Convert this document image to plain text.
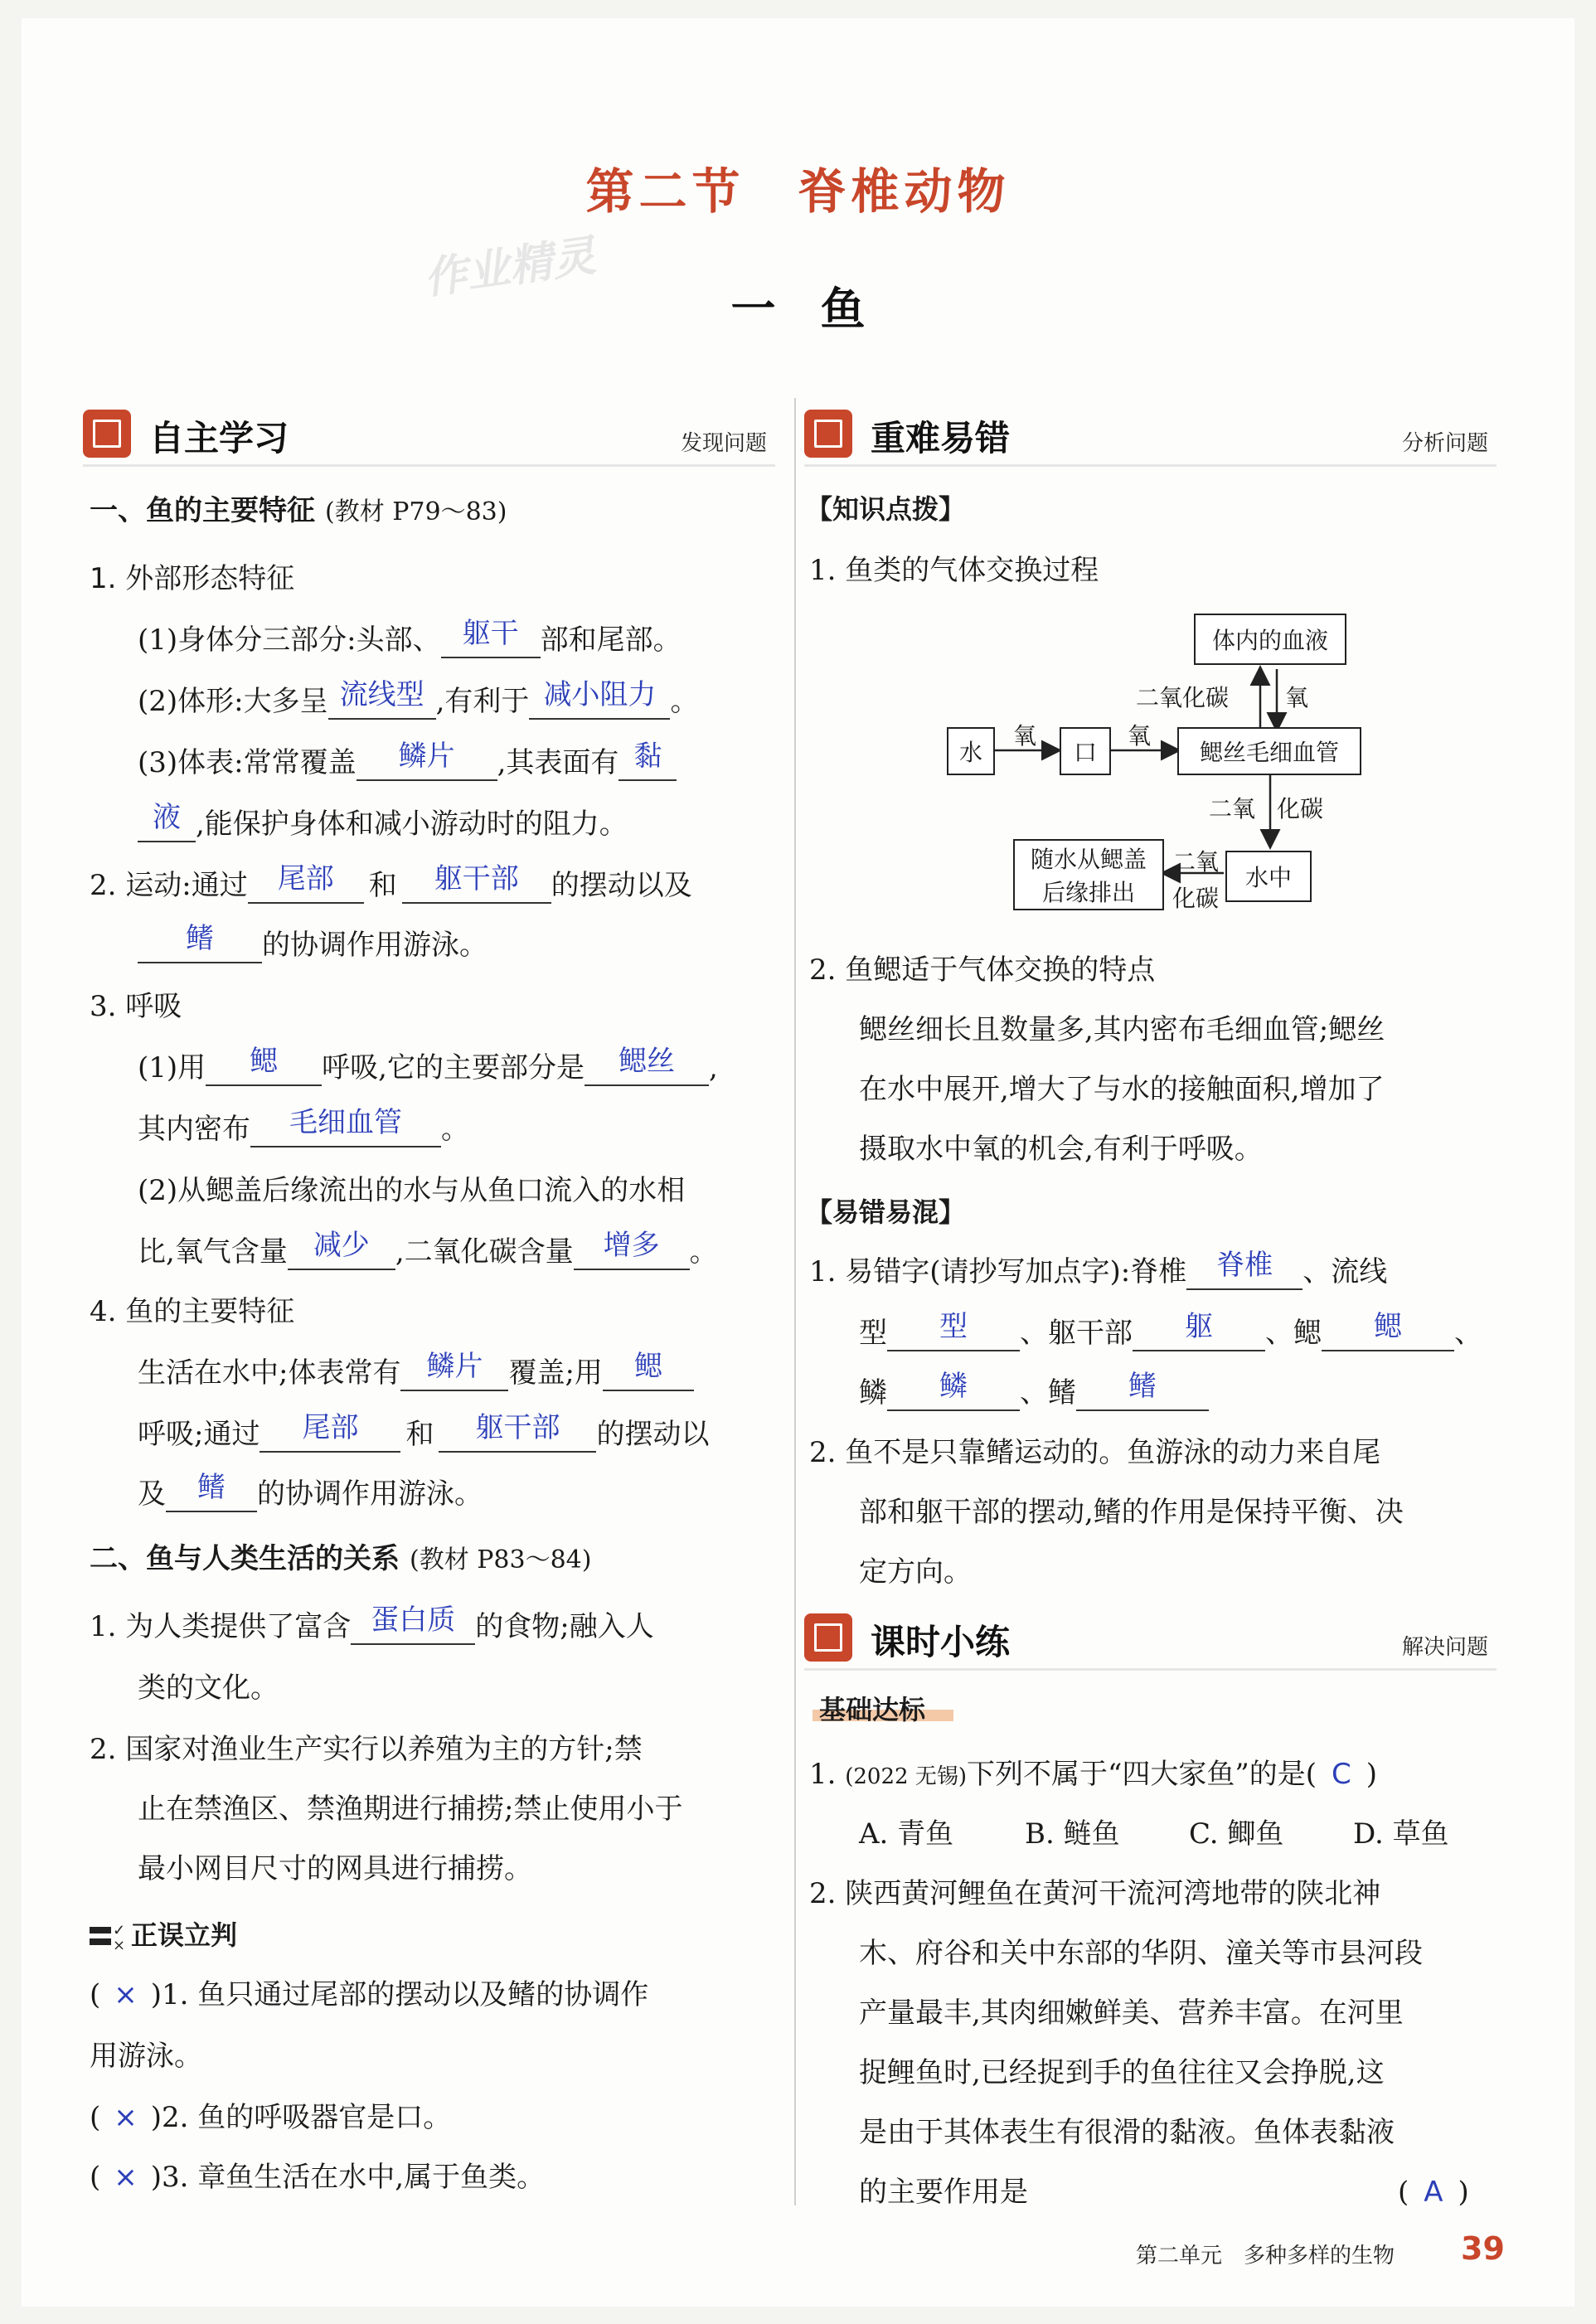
第二节　脊椎动物
作业精灵
一　鱼
自主学习	发现问题
一、鱼的主要特征 (教材 P79～83)
1. 外部形态特征
(1)身体分三部分:头部、 躯干 部和尾部。
(2)体形:大多呈 流线型 ,有利于 减小阻力 。
(3)体表:常常覆盖 鳞片 ,其表面有 黏
液 ,能保护身体和减小游动时的阻力。
2. 运动:通过 尾部 和 躯干部 的摆动以及
鳍 的协调作用游泳。
3. 呼吸
(1)用 鳃 呼吸,它的主要部分是 鳃丝 ,
其内密布 毛细血管 。
(2)从鳃盖后缘流出的水与从鱼口流入的水相
比,氧气含量 减少 ,二氧化碳含量 增多 。
4. 鱼的主要特征
生活在水中;体表常有 鳞片 覆盖;用 鳃
呼吸;通过 尾部 和 躯干部 的摆动以
及 鳍 的协调作用游泳。
二、鱼与人类生活的关系 (教材 P83～84)
1. 为人类提供了富含 蛋白质 的食物;融入人
类的文化。
2. 国家对渔业生产实行以养殖为主的方针;禁
止在禁渔区、禁渔期进行捕捞;禁止使用小于
最小网目尺寸的网具进行捕捞。
✓
× 正误立判
( × )1. 鱼只通过尾部的摆动以及鳍的协调作
用游泳。
( × )2. 鱼的呼吸器官是口。
( × )3. 章鱼生活在水中,属于鱼类。
重难易错	分析问题
【知识点拨】
1. 鱼类的气体交换过程
体内的血液
水	口	鳃丝毛细血管
水中
随水从鳃盖
后缘排出
二氧化碳 氧
氧	氧
二氧 化碳
二氧
化碳
2. 鱼鳃适于气体交换的特点
鳃丝细长且数量多,其内密布毛细血管;鳃丝
在水中展开,增大了与水的接触面积,增加了
摄取水中氧的机会,有利于呼吸。
【易错易混】
1. 易错字(请抄写加点字):脊椎 脊椎 、流线
型 型 、躯干部 躯 、鳃 鳃 、
鳞 鳞 、鳍 鳍
2. 鱼不是只靠鳍运动的。鱼游泳的动力来自尾
部和躯干部的摆动,鳍的作用是保持平衡、决
定方向。
课时小练	解决问题
基础达标
1. (2022 无锡)下列不属于“四大家鱼”的是( C )
A. 青鱼	B. 鲢鱼 C. 鲫鱼 D. 草鱼
2. 陕西黄河鲤鱼在黄河干流河湾地带的陕北神
木、府谷和关中东部的华阴、潼关等市县河段
产量最丰,其肉细嫩鲜美、营养丰富。在河里
捉鲤鱼时,已经捉到手的鱼往往又会挣脱,这
是由于其体表生有很滑的黏液。鱼体表黏液
的主要作用是	( A )
第二单元　多种多样的生物 39
